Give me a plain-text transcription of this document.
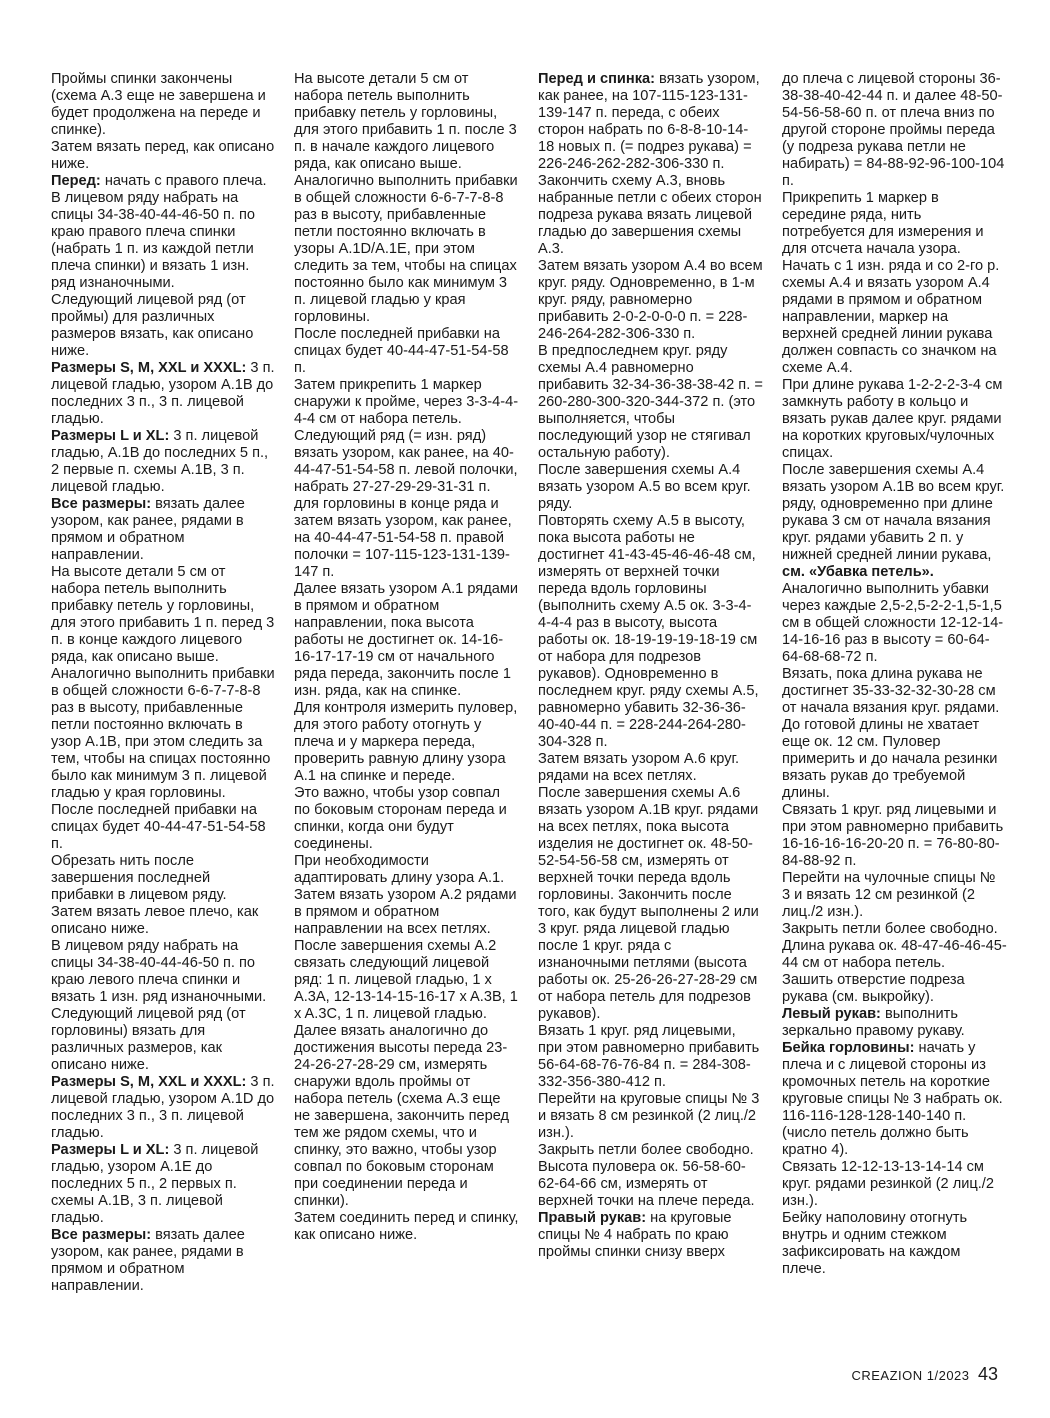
Проймы спинки закончены (схема A.3 еще не завершена и будет продолжена на переде и спинке).

Затем вязать перед, как описано ниже.

Перед: начать с правого плеча.

В лицевом ряду набрать на спицы 34-38-40-44-46-50 п. по краю правого плеча спинки (набрать 1 п. из каждой петли плеча спинки) и вязать 1 изн. ряд изнаночными.

Следующий лицевой ряд (от проймы) для различных размеров вязать, как описано ниже.

Размеры S, M, XXL и XXXL: 3 п. лицевой гладью, узором A.1B до последних 3 п., 3 п. лицевой гладью.

Размеры L и XL: 3 п. лицевой гладью, A.1B до последних 5 п., 2 первые п. схемы A.1B, 3 п. лицевой гладью.

Все размеры: вязать далее узором, как ранее, рядами в прямом и обратном направлении.

На высоте детали 5 см от набора петель выполнить прибавку петель у горловины, для этого прибавить 1 п. перед 3 п. в конце каждого лицевого ряда, как описано выше.

Аналогично выполнить прибавки в общей сложности 6-6-7-7-8-8 раз в высоту, прибавленные петли постоянно включать в узор A.1B, при этом следить за тем, чтобы на спицах постоянно было как минимум 3 п. лицевой гладью у края горловины.

После последней прибавки на спицах будет 40-44-47-51-54-58 п.

Обрезать нить после завершения последней прибавки в лицевом ряду.

Затем вязать левое плечо, как описано ниже.

В лицевом ряду набрать на спицы 34-38-40-44-46-50 п. по краю левого плеча спинки и вязать 1 изн. ряд изнаночными.

Следующий лицевой ряд (от горловины) вязать для различных размеров, как описано ниже.

Размеры S, M, XXL и XXXL: 3 п. лицевой гладью, узором A.1D до последних 3 п., 3 п. лицевой гладью.

Размеры L и XL: 3 п. лицевой гладью, узором A.1E до последних 5 п., 2 первых п. схемы A.1B, 3 п. лицевой гладью.

Все размеры: вязать далее узором, как ранее, рядами в прямом и обратном направлении.

На высоте детали 5 см от набора петель выполнить прибавку петель у горловины, для этого прибавить 1 п. после 3 п. в начале каждого лицевого ряда, как описано выше.

Аналогично выполнить прибавки в общей сложности 6-6-7-7-8-8 раз в высоту, прибавленные петли постоянно включать в узоры A.1D/A.1E, при этом следить за тем, чтобы на спицах постоянно было как минимум 3 п. лицевой гладью у края горловины.

После последней прибавки на спицах будет 40-44-47-51-54-58 п.

Затем прикрепить 1 маркер снаружи к пройме, через 3-3-4-4-4-4 см от набора петель.

Следующий ряд (= изн. ряд) вязать узором, как ранее, на 40-44-47-51-54-58 п. левой полочки, набрать 27-27-29-29-31-31 п. для горловины в конце ряда и затем вязать узором, как ранее, на 40-44-47-51-54-58 п. правой полочки = 107-115-123-131-139-147 п.

Далее вязать узором A.1 рядами в прямом и обратном направлении, пока высота работы не достигнет ок. 14-16-16-17-17-19 см от начального ряда переда, закончить после 1 изн. ряда, как на спинке.

Для контроля измерить пуловер, для этого работу отогнуть у плеча и у маркера переда, проверить равную длину узора A.1 на спинке и переде.

Это важно, чтобы узор совпал по боковым сторонам переда и спинки, когда они будут соединены.

При необходимости адаптировать длину узора A.1.

Затем вязать узором A.2 рядами в прямом и обратном направлении на всех петлях.

После завершения схемы A.2 связать следующий лицевой ряд: 1 п. лицевой гладью, 1 x A.3A, 12-13-14-15-16-17 x A.3B, 1 x A.3C, 1 п. лицевой гладью.

Далее вязать аналогично до достижения высоты переда 23-24-26-27-28-29 см, измерять снаружи вдоль проймы от набора петель (схема A.3 еще не завершена, закончить перед тем же рядом схемы, что и спинку, это важно, чтобы узор совпал по боковым сторонам при соединении переда и спинки).

Затем соединить перед и спинку, как описано ниже.

Перед и спинка: вязать узором, как ранее, на 107-115-123-131-139-147 п. переда, с обеих сторон набрать по 6-8-8-10-14-18 новых п. (= подрез рукава) = 226-246-262-282-306-330 п.

Закончить схему A.3, вновь набранные петли с обеих сторон подреза рукава вязать лицевой гладью до завершения схемы A.3.

Затем вязать узором A.4 во всем круг. ряду. Одновременно, в 1-м круг. ряду, равномерно прибавить 2-0-2-0-0-0 п. = 228-246-264-282-306-330 п.

В предпоследнем круг. ряду схемы A.4 равномерно прибавить 32-34-36-38-38-42 п. = 260-280-300-320-344-372 п. (это выполняется, чтобы последующий узор не стягивал остальную работу).

После завершения схемы A.4 вязать узором A.5 во всем круг. ряду.

Повторять схему A.5 в высоту, пока высота работы не достигнет 41-43-45-46-46-48 см, измерять от верхней точки переда вдоль горловины (выполнить схему A.5 ок. 3-3-4-4-4-4 раз в высоту, высота работы ок. 18-19-19-19-18-19 см от набора для подрезов рукавов). Одновременно в последнем круг. ряду схемы A.5, равномерно убавить 32-36-36-40-40-44 п. = 228-244-264-280-304-328 п.

Затем вязать узором A.6 круг. рядами на всех петлях.

После завершения схемы A.6 вязать узором A.1B круг. рядами на всех петлях, пока высота изделия не достигнет ок. 48-50-52-54-56-58 см, измерять от верхней точки переда вдоль горловины. Закончить после того, как будут выполнены 2 или 3 круг. ряда лицевой гладью после 1 круг. ряда с изнаночными петлями (высота работы ок. 25-26-26-27-28-29 см от набора петель для подрезов рукавов).

Вязать 1 круг. ряд лицевыми, при этом равномерно прибавить 56-64-68-76-76-84 п. = 284-308-332-356-380-412 п.

Перейти на круговые спицы № 3 и вязать 8 см резинкой (2 лиц./2 изн.).

Закрыть петли более свободно.

Высота пуловера ок. 56-58-60-62-64-66 см, измерять от верхней точки на плече переда.

Правый рукав: на круговые спицы № 4 набрать по краю проймы спинки снизу вверх

до плеча с лицевой стороны 36-38-38-40-42-44 п. и далее 48-50-54-56-58-60 п. от плеча вниз по другой стороне проймы переда (у подреза рукава петли не набирать) = 84-88-92-96-100-104 п.

Прикрепить 1 маркер в середине ряда, нить потребуется для измерения и для отсчета начала узора.

Начать с 1 изн. ряда и со 2-го р. схемы A.4 и вязать узором A.4 рядами в прямом и обратном направлении, маркер на верхней средней линии рукава должен совпасть со значком на схеме A.4.

При длине рукава 1-2-2-2-3-4 см замкнуть работу в кольцо и вязать рукав далее круг. рядами на коротких круговых/чулочных спицах.

После завершения схемы A.4 вязать узором A.1B во всем круг. ряду, одновременно при длине рукава 3 см от начала вязания круг. рядами убавить 2 п. у нижней средней линии рукава, см. «Убавка петель».

Аналогично выполнить убавки через каждые 2,5-2,5-2-2-1,5-1,5 см в общей сложности 12-12-14-14-16-16 раз в высоту = 60-64-64-68-68-72 п.

Вязать, пока длина рукава не достигнет 35-33-32-32-30-28 см от начала вязания круг. рядами.

До готовой длины не хватает еще ок. 12 см. Пуловер примерить и до начала резинки вязать рукав до требуемой длины.

Связать 1 круг. ряд лицевыми и при этом равномерно прибавить 16-16-16-16-20-20 п. = 76-80-80-84-88-92 п.

Перейти на чулочные спицы № 3 и вязать 12 см резинкой (2 лиц./2 изн.).

Закрыть петли более свободно.

Длина рукава ок. 48-47-46-46-45-44 см от набора петель.

Зашить отверстие подреза рукава (см. выкройку).

Левый рукав: выполнить зеркально правому рукаву.

Бейка горловины: начать у плеча и с лицевой стороны из кромочных петель на короткие круговые спицы № 3 набрать ок. 116-116-128-128-140-140 п. (число петель должно быть кратно 4).

Связать 12-12-13-13-14-14 см круг. рядами резинкой (2 лиц./2 изн.).

Бейку наполовину отогнуть внутрь и одним стежком зафиксировать на каждом плече.

CREAZION 1/2023 43
